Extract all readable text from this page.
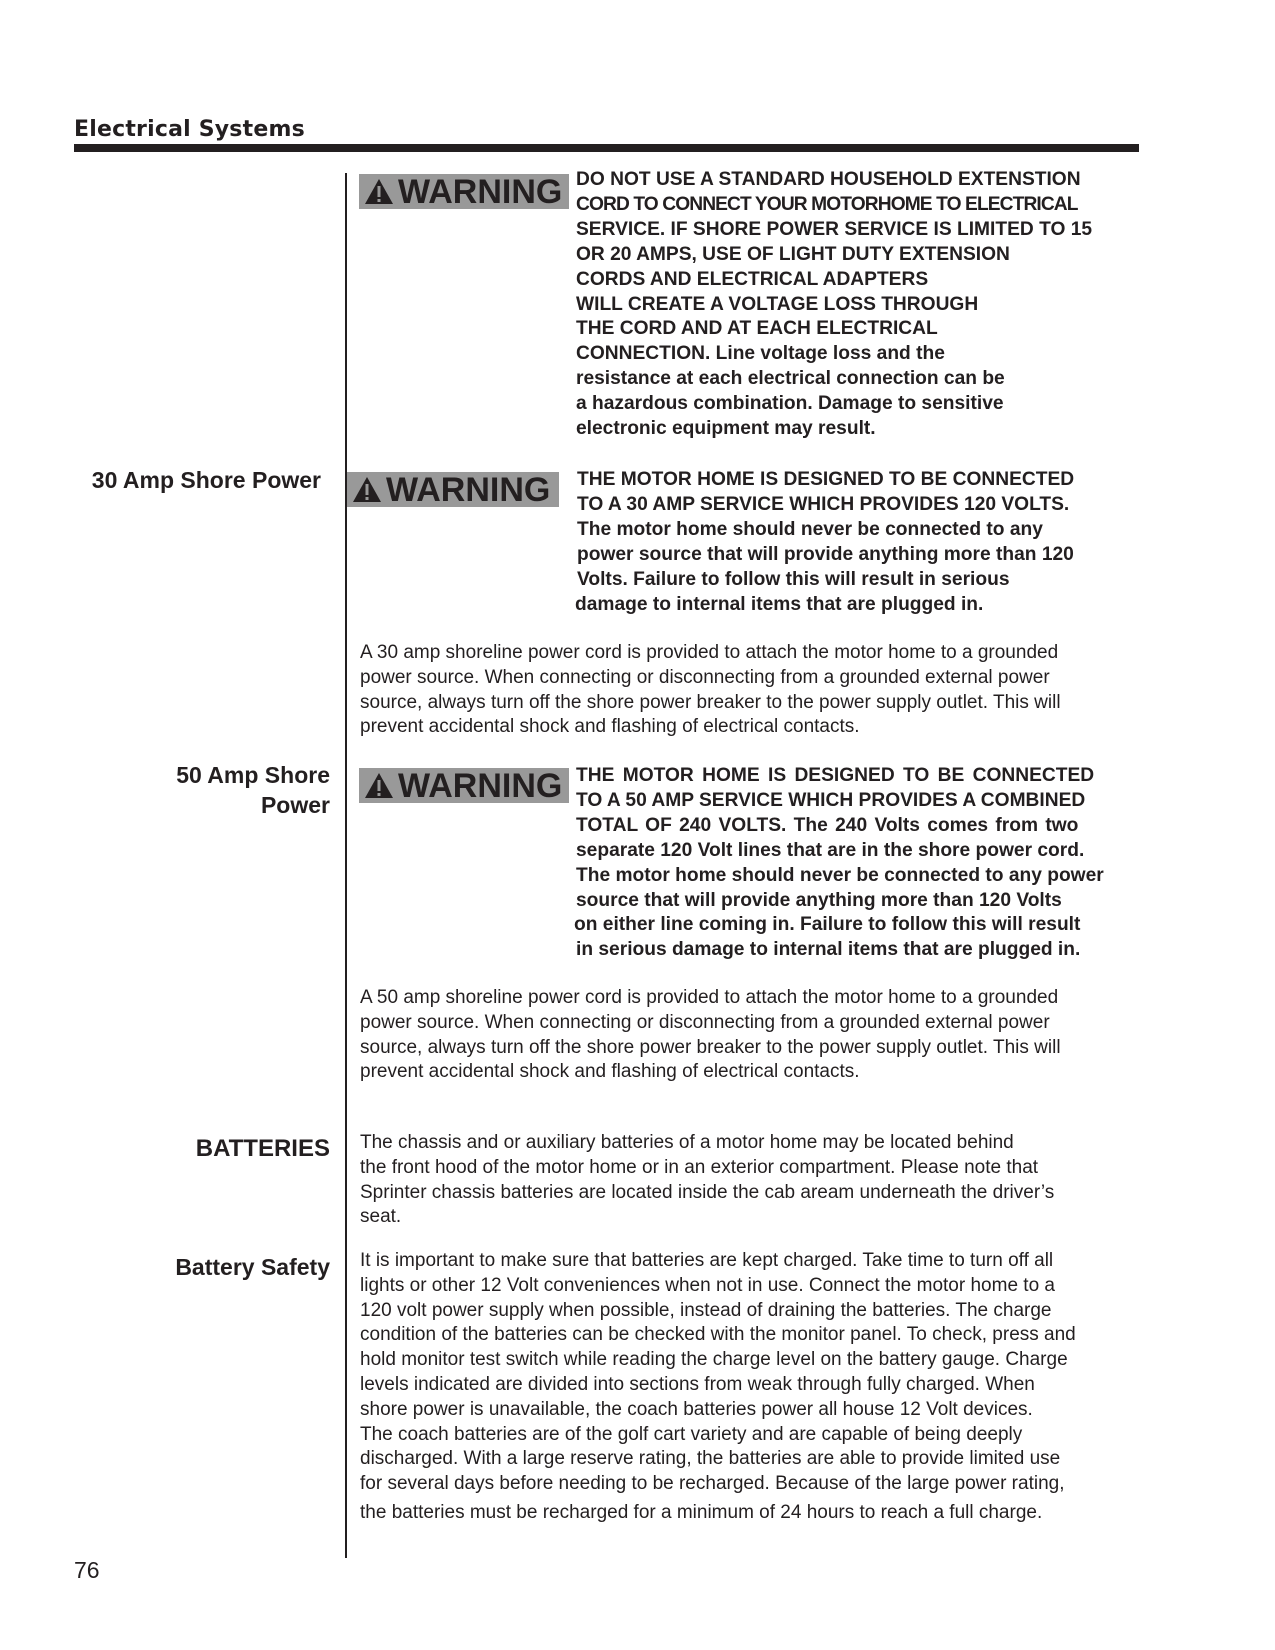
Electrical Systems
WARNING DO NOT USE A STANDARD HOUSEHOLD EXTENSTION
CORD TO CONNECT YOUR MOTORHOME TO ELECTRICAL
SERVICE. IF SHORE POWER SERVICE IS LIMITED TO 15
OR 20 AMPS, USE OF LIGHT DUTY EXTENSION
CORDS AND ELECTRICAL ADAPTERS
WILL CREATE A VOLTAGE LOSS THROUGH
THE CORD AND AT EACH ELECTRICAL
CONNECTION. Line voltage loss and the
resistance at each electrical connection can be
a hazardous combination. Damage to sensitive
electronic equipment may result.
30 Amp Shore Power WARNING THE MOTOR HOME IS DESIGNED TO BE CONNECTED
TO A 30 AMP SERVICE WHICH PROVIDES 120 VOLTS.
The motor home should never be connected to any
power source that will provide anything more than 120
Volts. Failure to follow this will result in serious
damage to internal items that are plugged in.
A 30 amp shoreline power cord is provided to attach the motor home to a grounded
power source. When connecting or disconnecting from a grounded external power
source, always turn off the shore power breaker to the power supply outlet. This will
prevent accidental shock and flashing of electrical contacts.
50 Amp Shore
Power
WARNING THE MOTOR HOME IS DESIGNED TO BE CONNECTED
TO A 50 AMP SERVICE WHICH PROVIDES A COMBINED
TOTAL OF 240 VOLTS. The 240 Volts comes from two
separate 120 Volt lines that are in the shore power cord.
The motor home should never be connected to any power
source that will provide anything more than 120 Volts
on either line coming in. Failure to follow this will result
in serious damage to internal items that are plugged in.
A 50 amp shoreline power cord is provided to attach the motor home to a grounded
power source. When connecting or disconnecting from a grounded external power
source, always turn off the shore power breaker to the power supply outlet. This will
prevent accidental shock and flashing of electrical contacts.
BATTERIES The chassis and or auxiliary batteries of a motor home may be located behind
the front hood of the motor home or in an exterior compartment. Please note that
Sprinter chassis batteries are located inside the cab aream underneath the driver’s
seat.
Battery Safety It is important to make sure that batteries are kept charged. Take time to turn off all
lights or other 12 Volt conveniences when not in use. Connect the motor home to a
120 volt power supply when possible, instead of draining the batteries. The charge
condition of the batteries can be checked with the monitor panel. To check, press and
hold monitor test switch while reading the charge level on the battery gauge. Charge
levels indicated are divided into sections from weak through fully charged. When
shore power is unavailable, the coach batteries power all house 12 Volt devices.
The coach batteries are of the golf cart variety and are capable of being deeply
discharged. With a large reserve rating, the batteries are able to provide limited use
for several days before needing to be recharged. Because of the large power rating,
the batteries must be recharged for a minimum of 24 hours to reach a full charge.
76
